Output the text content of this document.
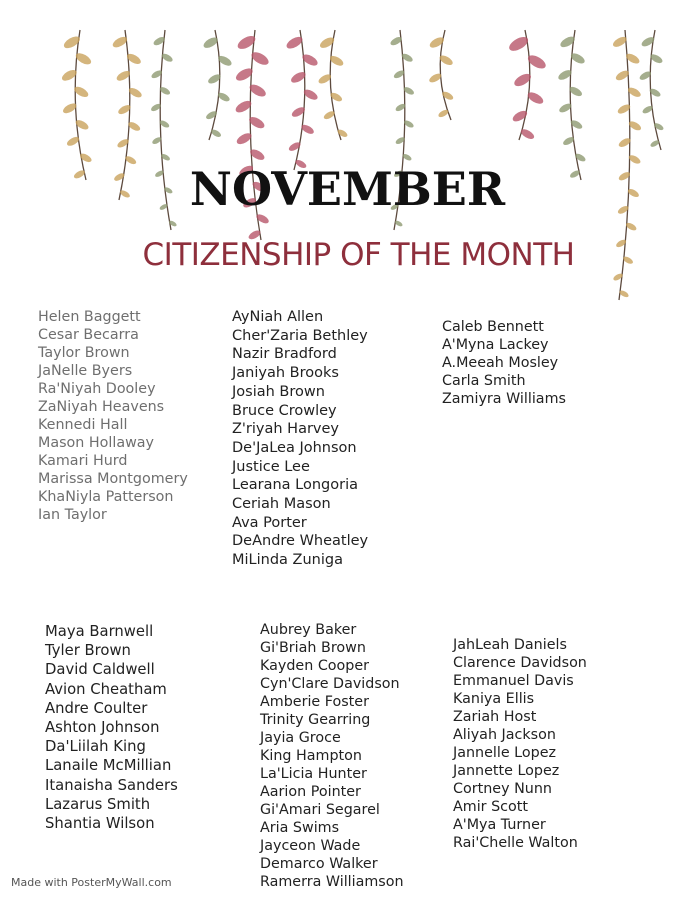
NOVEMBER
CITIZENSHIP OF THE MONTH
Helen Baggett
Cesar Becarra
Taylor Brown
JaNelle Byers
Ra'Niyah Dooley
ZaNiyah Heavens
Kennedi Hall
Mason Hollaway
Kamari Hurd
Marissa Montgomery
KhaNiyla Patterson
Ian Taylor
AyNiah Allen
Cher'Zaria Bethley
Nazir Bradford
Janiyah Brooks
Josiah Brown
Bruce Crowley
Z'riyah Harvey
De'JaLea Johnson
Justice Lee
Learana Longoria
Ceriah Mason
Ava Porter
DeAndre Wheatley
MiLinda Zuniga
Caleb Bennett
A'Myna Lackey
A.Meeah Mosley
Carla Smith
Zamiyra Williams
Maya Barnwell
Tyler Brown
David Caldwell
Avion Cheatham
Andre Coulter
Ashton Johnson
Da'Liilah King
Lanaile McMillian
Itanaisha Sanders
Lazarus Smith
Shantia Wilson
Aubrey Baker
Gi'Briah Brown
Kayden Cooper
Cyn'Clare Davidson
Amberie Foster
Trinity Gearring
Jayia Groce
King Hampton
La'Licia Hunter
Aarion Pointer
Gi'Amari Segarel
Aria Swims
Jayceon Wade
Demarco Walker
Ramerra Williamson
JahLeah Daniels
Clarence Davidson
Emmanuel Davis
Kaniya Ellis
Zariah Host
Aliyah Jackson
Jannelle Lopez
Jannette Lopez
Cortney Nunn
Amir Scott
A'Mya Turner
Rai'Chelle Walton
Made with PosterMyWall.com
